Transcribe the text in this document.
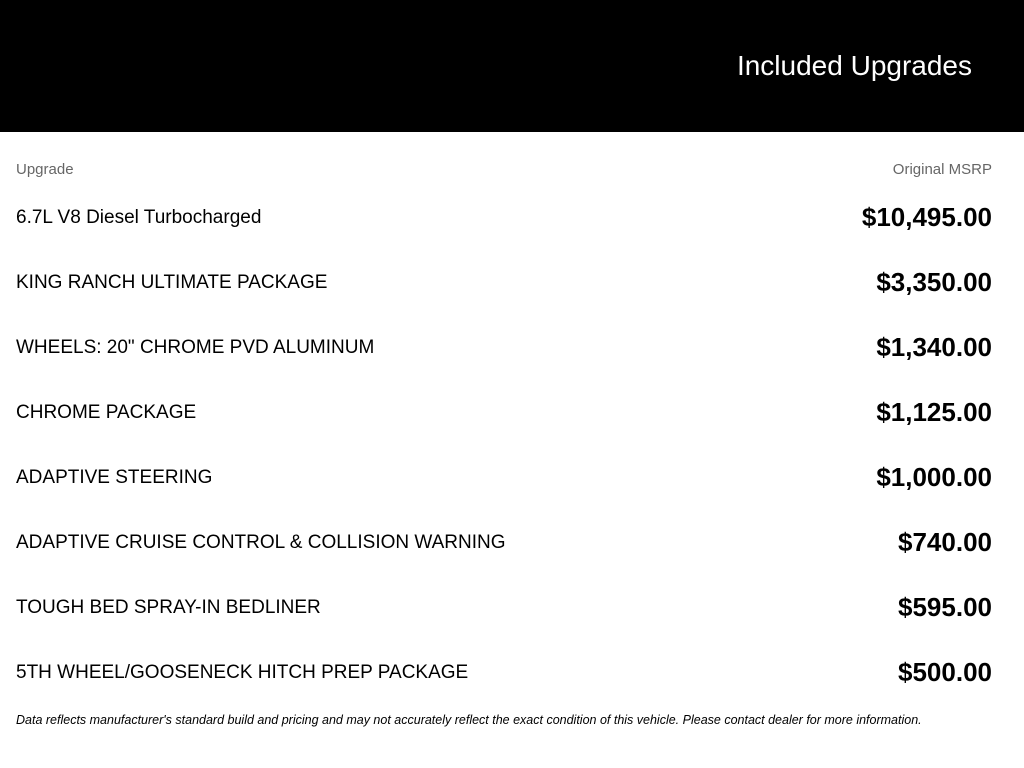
Included Upgrades
Upgrade	Original MSRP
6.7L V8 Diesel Turbocharged	$10,495.00
KING RANCH ULTIMATE PACKAGE	$3,350.00
WHEELS: 20" CHROME PVD ALUMINUM	$1,340.00
CHROME PACKAGE	$1,125.00
ADAPTIVE STEERING	$1,000.00
ADAPTIVE CRUISE CONTROL & COLLISION WARNING	$740.00
TOUGH BED SPRAY-IN BEDLINER	$595.00
5TH WHEEL/GOOSENECK HITCH PREP PACKAGE	$500.00
Data reflects manufacturer's standard build and pricing and may not accurately reflect the exact condition of this vehicle. Please contact dealer for more information.
